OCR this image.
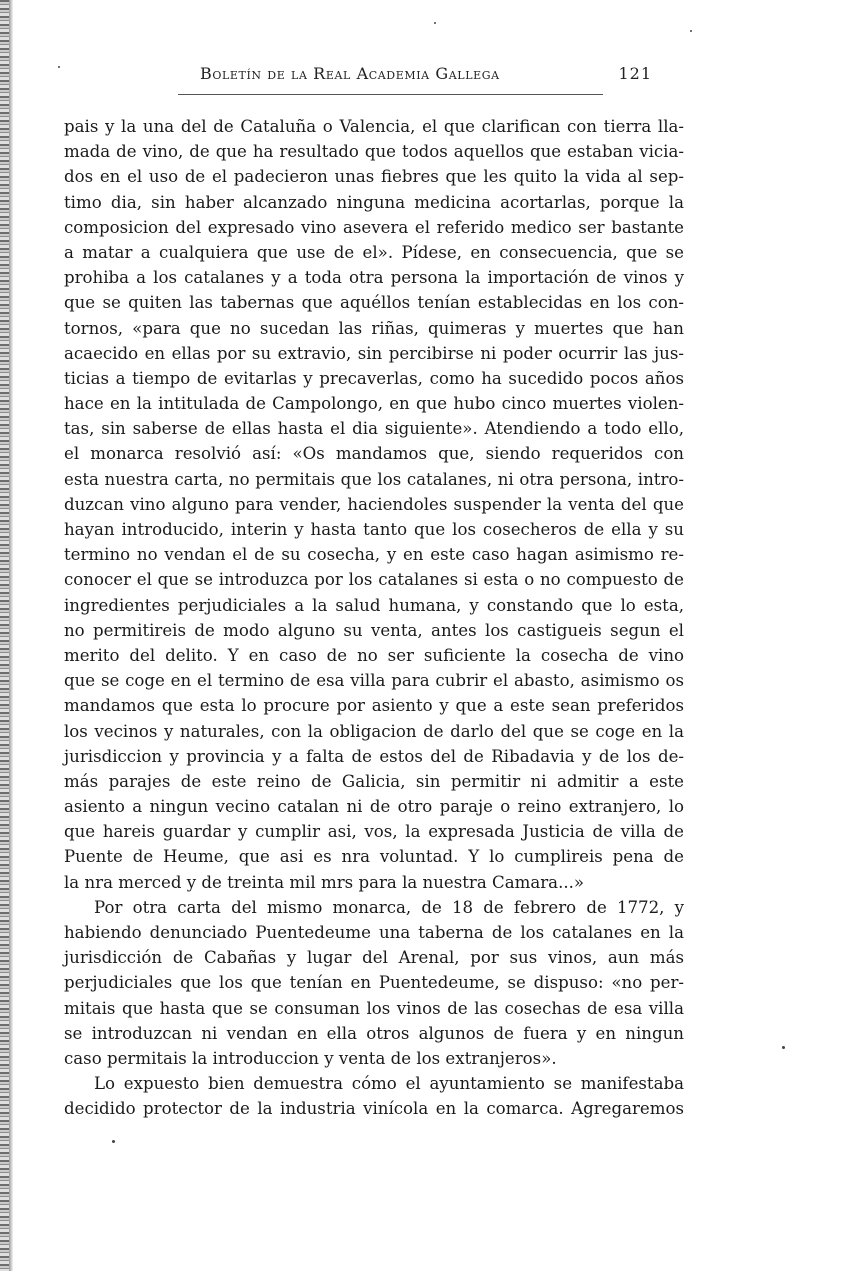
Boletín de la Real Academia Gallega	121
pais y la una del de Cataluña o Valencia, el que clarifican con tierra lla-
mada de vino, de que ha resultado que todos aquellos que estaban vicia-
dos en el uso de el padecieron unas fiebres que les quito la vida al sep-
timo dia, sin haber alcanzado ninguna medicina acortarlas, porque la
composicion del expresado vino asevera el referido medico ser bastante
a matar a cualquiera que use de el». Pídese, en consecuencia, que se
prohiba a los catalanes y a toda otra persona la importación de vinos y
que se quiten las tabernas que aquéllos tenían establecidas en los con-
tornos, «para que no sucedan las riñas, quimeras y muertes que han
acaecido en ellas por su extravio, sin percibirse ni poder ocurrir las jus-
ticias a tiempo de evitarlas y precaverlas, como ha sucedido pocos años
hace en la intitulada de Campolongo, en que hubo cinco muertes violen-
tas, sin saberse de ellas hasta el dia siguiente». Atendiendo a todo ello,
el monarca resolvió así: «Os mandamos que, siendo requeridos con
esta nuestra carta, no permitais que los catalanes, ni otra persona, intro-
duzcan vino alguno para vender, haciendoles suspender la venta del que
hayan introducido, interin y hasta tanto que los cosecheros de ella y su
termino no vendan el de su cosecha, y en este caso hagan asimismo re-
conocer el que se introduzca por los catalanes si esta o no compuesto de
ingredientes perjudiciales a la salud humana, y constando que lo esta,
no permitireis de modo alguno su venta, antes los castigueis segun el
merito del delito. Y en caso de no ser suficiente la cosecha de vino
que se coge en el termino de esa villa para cubrir el abasto, asimismo os
mandamos que esta lo procure por asiento y que a este sean preferidos
los vecinos y naturales, con la obligacion de darlo del que se coge en la
jurisdiccion y provincia y a falta de estos del de Ribadavia y de los de-
más parajes de este reino de Galicia, sin permitir ni admitir a este
asiento a ningun vecino catalan ni de otro paraje o reino extranjero, lo
que hareis guardar y cumplir asi, vos, la expresada Justicia de villa de
Puente de Heume, que asi es nra voluntad. Y lo cumplireis pena de
la nra merced y de treinta mil mrs para la nuestra Camara...»
Por otra carta del mismo monarca, de 18 de febrero de 1772, y
habiendo denunciado Puentedeume una taberna de los catalanes en la
jurisdicción de Cabañas y lugar del Arenal, por sus vinos, aun más
perjudiciales que los que tenían en Puentedeume, se dispuso: «no per-
mitais que hasta que se consuman los vinos de las cosechas de esa villa
se introduzcan ni vendan en ella otros algunos de fuera y en ningun
caso permitais la introduccion y venta de los extranjeros».
Lo expuesto bien demuestra cómo el ayuntamiento se manifestaba
decidido protector de la industria vinícola en la comarca. Agregaremos
